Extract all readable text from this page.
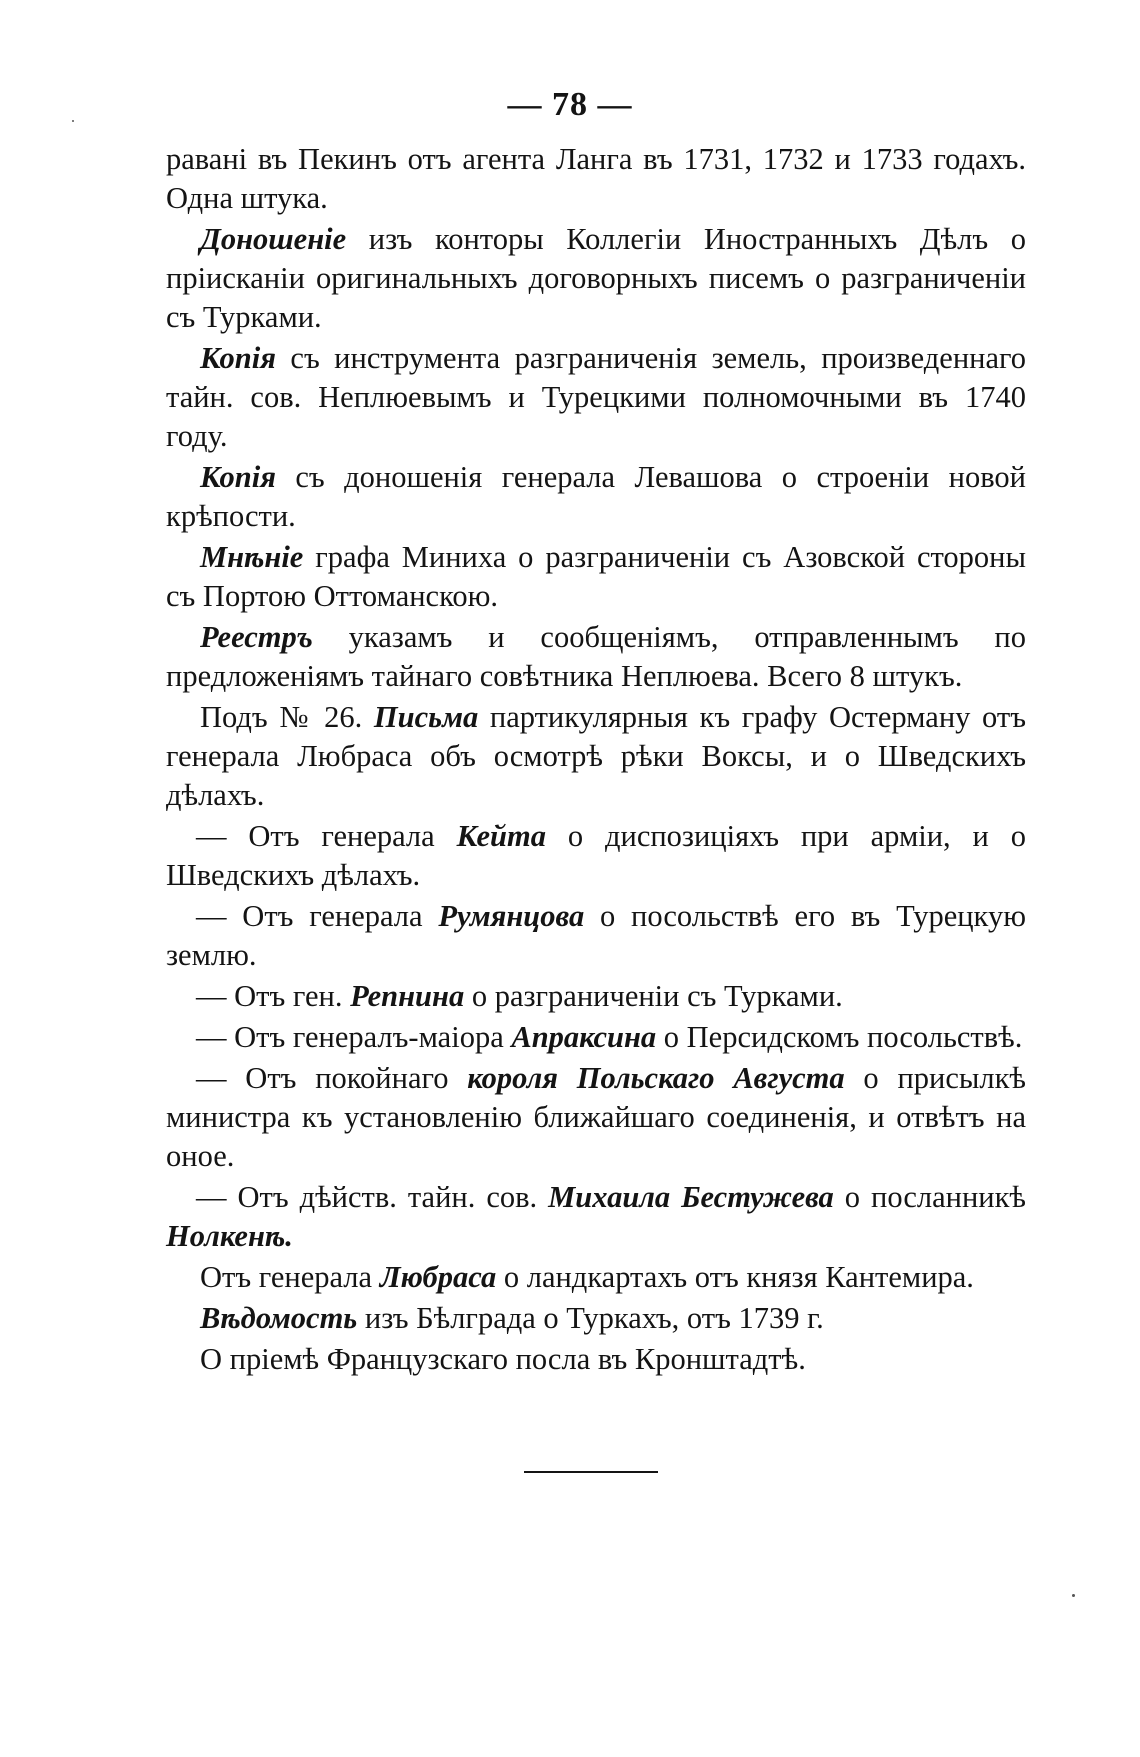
— 78 —

равані въ Пекинъ отъ агента Ланга въ 1731, 1732 и 1733 годахъ. Одна штука.

Доношеніе изъ конторы Коллегіи Иностранныхъ Дѣлъ о пріисканіи оригинальныхъ договорныхъ писемъ о разграниченіи съ Турками.

Копія съ инструмента разграниченія земель, произведеннаго тайн. сов. Неплюевымъ и Турецкими полномочными въ 1740 году.

Копія съ доношенія генерала Левашова о строеніи новой крѣпости.

Мнѣніе графа Миниха о разграниченіи съ Азовской стороны съ Портою Оттоманскою.

Реестръ указамъ и сообщеніямъ, отправленнымъ по предложеніямъ тайнаго совѣтника Неплюева. Всего 8 штукъ.

Подъ № 26. Письма партикулярныя къ графу Остерману отъ генерала Любраса объ осмотрѣ рѣки Воксы, и о Шведскихъ дѣлахъ.

— Отъ генерала Кейта о диспозиціяхъ при арміи, и о Шведскихъ дѣлахъ.

— Отъ генерала Румянцова о посольствѣ его въ Турецкую землю.

— Отъ ген. Репнина о разграниченіи съ Турками.

— Отъ генералъ-маіора Апраксина о Персидскомъ посольствѣ.

— Отъ покойнаго короля Польскаго Августа о присылкѣ министра къ установленію ближайшаго соединенія, и отвѣтъ на оное.

— Отъ дѣйств. тайн. сов. Михаила Бестужева о посланникѣ Нолкенѣ.

Отъ генерала Любраса о ландкартахъ отъ князя Кантемира.

Вѣдомость изъ Бѣлграда о Туркахъ, отъ 1739 г.

О пріемѣ Французскаго посла въ Кронштадтѣ.
